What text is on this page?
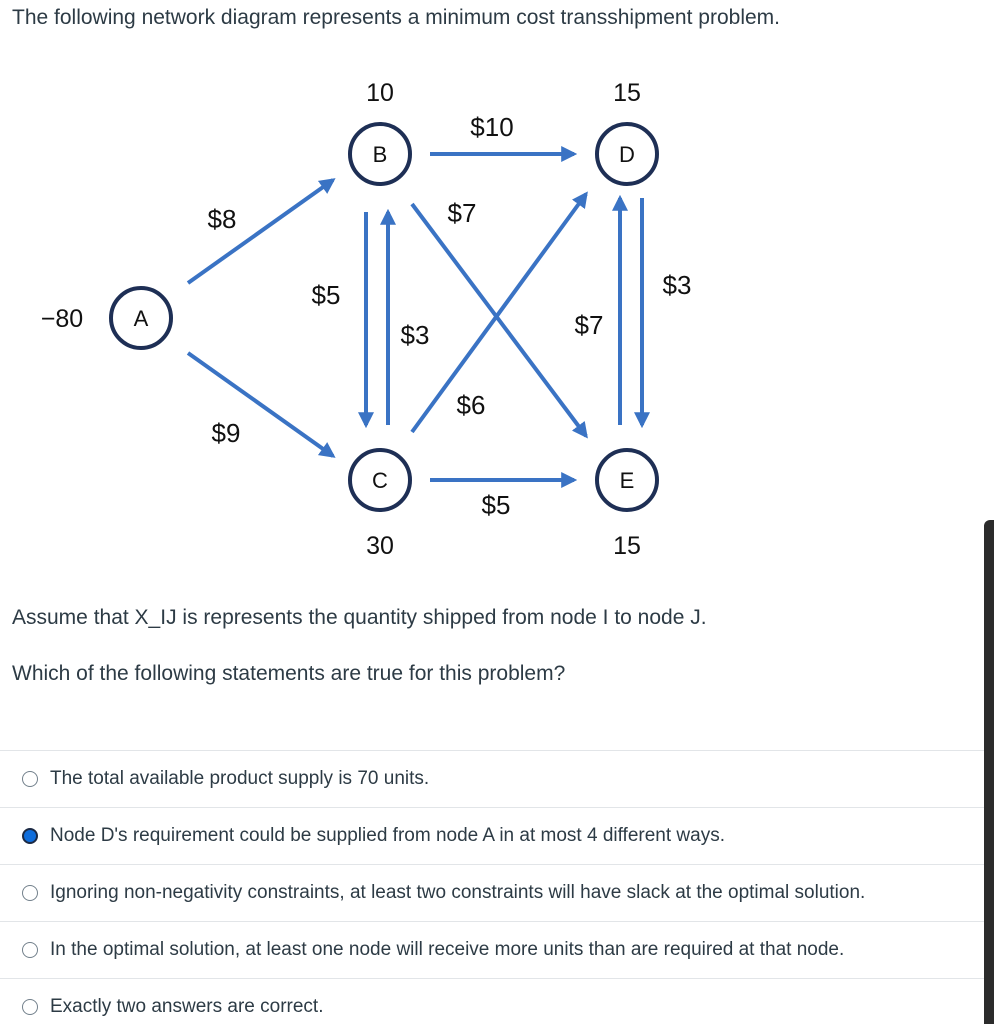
The following network diagram represents a minimum cost transshipment problem.
$8
$9
$5
$3
$10
$7
$6
$5
$7
$3
A
B
C
D
E
−80
10
30
15
15

Assume that X_IJ is represents the quantity shipped from node I to node J.

Which of the following statements are true for this problem?

The total available product supply is 70 units.
Node D's requirement could be supplied from node A in at most 4 different ways.
Ignoring non-negativity constraints, at least two constraints will have slack at the optimal solution.
In the optimal solution, at least one node will receive more units than are required at that node.
Exactly two answers are correct.
